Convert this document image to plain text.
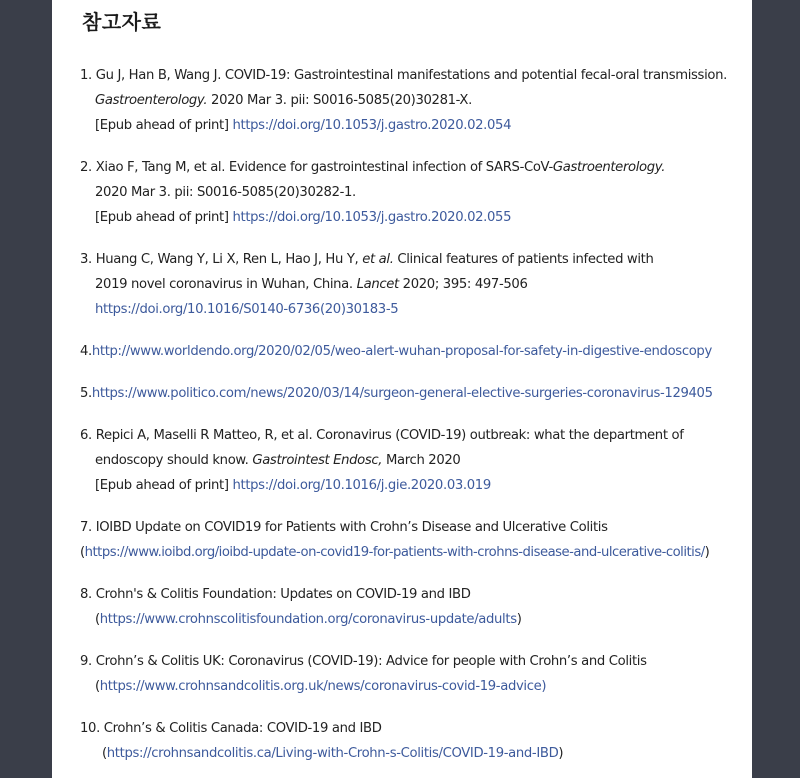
참고자료
1. Gu J, Han B, Wang J. COVID-19: Gastrointestinal manifestations and potential fecal-oral transmission.
Gastroenterology. 2020 Mar 3. pii: S0016-5085(20)30281-X.
[Epub ahead of print] https://doi.org/10.1053/j.gastro.2020.02.054
2. Xiao F, Tang M, et al. Evidence for gastrointestinal infection of SARS-CoV-Gastroenterology.
2020 Mar 3. pii: S0016-5085(20)30282-1.
[Epub ahead of print] https://doi.org/10.1053/j.gastro.2020.02.055
3. Huang C, Wang Y, Li X, Ren L, Hao J, Hu Y, et al. Clinical features of patients infected with
2019 novel coronavirus in Wuhan, China. Lancet 2020; 395: 497-506
https://doi.org/10.1016/S0140-6736(20)30183-5
4.http://www.worldendo.org/2020/02/05/weo-alert-wuhan-proposal-for-safety-in-digestive-endoscopy
5.https://www.politico.com/news/2020/03/14/surgeon-general-elective-surgeries-coronavirus-129405
6. Repici A, Maselli R Matteo, R, et al. Coronavirus (COVID-19) outbreak: what the department of
endoscopy should know. Gastrointest Endosc, March 2020
[Epub ahead of print] https://doi.org/10.1016/j.gie.2020.03.019
7. IOIBD Update on COVID19 for Patients with Crohn’s Disease and Ulcerative Colitis
(https://www.ioibd.org/ioibd-update-on-covid19-for-patients-with-crohns-disease-and-ulcerative-colitis/)
8. Crohn's & Colitis Foundation: Updates on COVID-19 and IBD
(https://www.crohnscolitisfoundation.org/coronavirus-update/adults)
9. Crohn’s & Colitis UK: Coronavirus (COVID-19): Advice for people with Crohn’s and Colitis
(https://www.crohnsandcolitis.org.uk/news/coronavirus-covid-19-advice)
10. Crohn’s & Colitis Canada: COVID-19 and IBD
(https://crohnsandcolitis.ca/Living-with-Crohn-s-Colitis/COVID-19-and-IBD)
